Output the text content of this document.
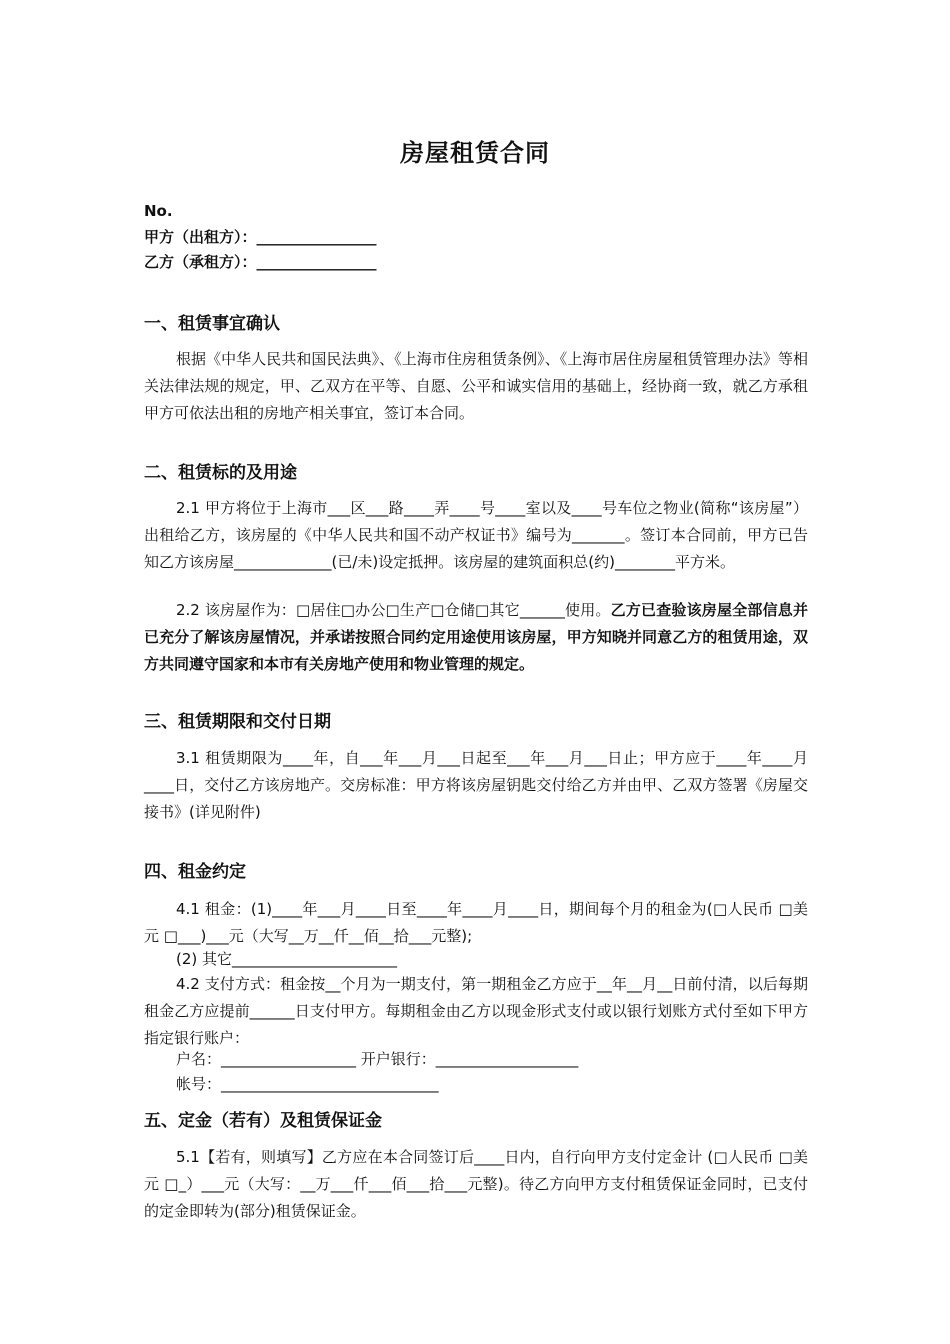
房屋租赁合同
No.
甲方（出租方）：________________
乙方（承租方）：________________
一、租赁事宜确认
根据《中华人民共和国民法典》、《上海市住房租赁条例》、《上海市居住房屋租赁管理办法》等相关法律法规的规定，甲、乙双方在平等、自愿、公平和诚实信用的基础上，经协商一致，就乙方承租甲方可依法出租的房地产相关事宜，签订本合同。
二、租赁标的及用途
2.1 甲方将位于上海市___区___路____弄____号____室以及____号车位之物业(简称“该房屋”）出租给乙方，该房屋的《中华人民共和国不动产权证书》编号为_______。签订本合同前，甲方已告知乙方该房屋_____________(已/未)设定抵押。该房屋的建筑面积总(约)________平方米。
2.2 该房屋作为：□居住□办公□生产□仓储□其它______使用。乙方已查验该房屋全部信息并已充分了解该房屋情况，并承诺按照合同约定用途使用该房屋，甲方知晓并同意乙方的租赁用途，双方共同遵守国家和本市有关房地产使用和物业管理的规定。
三、租赁期限和交付日期
3.1 租赁期限为____年，自___年___月___日起至___年___月___日止；甲方应于____年____月____日，交付乙方该房地产。交房标准：甲方将该房屋钥匙交付给乙方并由甲、乙双方签署《房屋交接书》(详见附件)
四、租金约定
4.1 租金：(1)____年___月____日至____年____月____日，期间每个月的租金为(□人民币 □美元 □___)___元（大写__万__仟__佰__拾___元整);
(2) 其它______________________
4.2 支付方式：租金按__个月为一期支付，第一期租金乙方应于__年__月__日前付清，以后每期租金乙方应提前______日支付甲方。每期租金由乙方以现金形式支付或以银行划账方式付至如下甲方指定银行账户：
户名：__________________ 开户银行：___________________
帐号：_____________________________
五、定金（若有）及租赁保证金
5.1【若有，则填写】乙方应在本合同签订后____日内，自行向甲方支付定金计 (□人民币 □美元 □_）___元（大写：__万___仟___佰___拾___元整)。待乙方向甲方支付租赁保证金同时，已支付的定金即转为(部分)租赁保证金。
